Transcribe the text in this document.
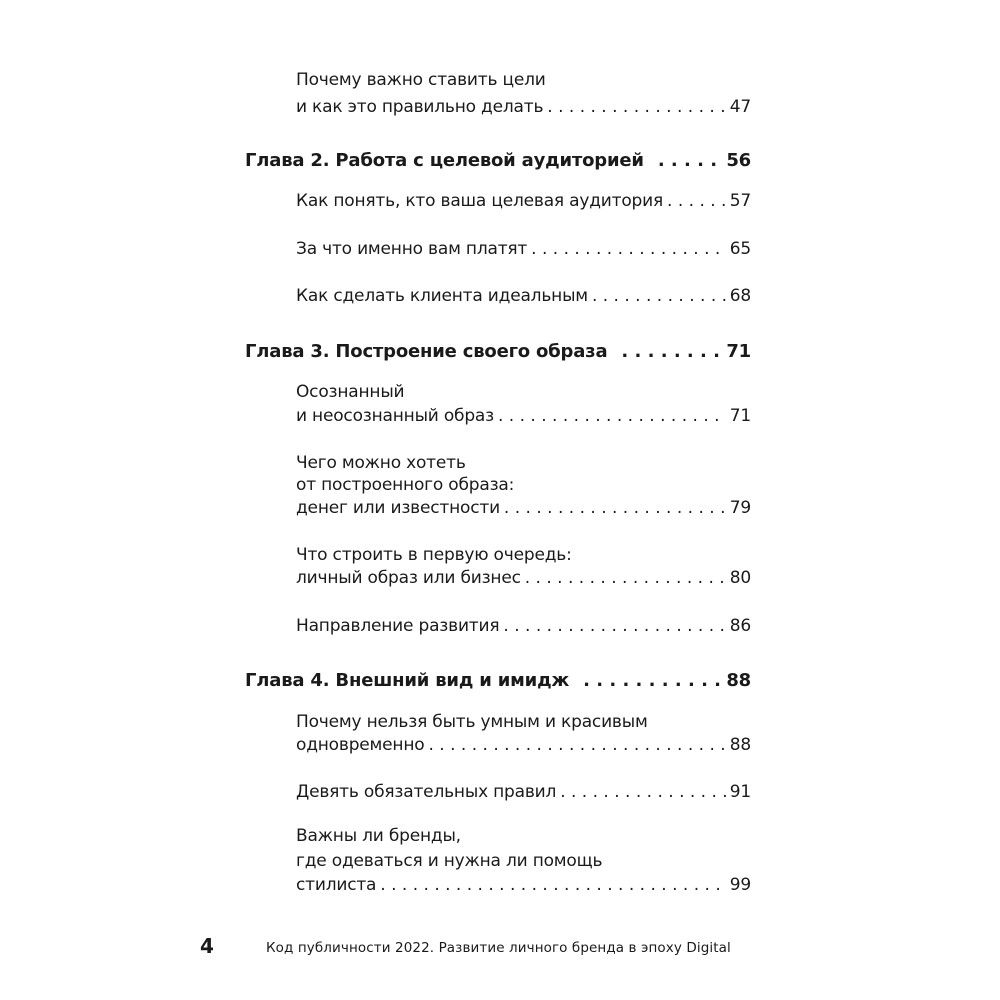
Почему важно ставить цели
и как это правильно делать . . .	47
Глава 2. Работа с целевой аудиторией . . .	56
Как понять, кто ваша целевая аудитория . . .	57
За что именно вам платят . . .	65
Как сделать клиента идеальным . . .	68
Глава 3. Построение своего образа . . .	71
Осознанный
и неосознанный образ . . .	71
Чего можно хотеть
от построенного образа:
денег или известности . . .	79
Что строить в первую очередь:
личный образ или бизнес . . .	80
Направление развития . . .	86
Глава 4. Внешний вид и имидж . . .	88
Почему нельзя быть умным и красивым
одновременно . . .	88
Девять обязательных правил . . .	91
Важны ли бренды,
где одеваться и нужна ли помощь
стилиста . . .	99
4	Код публичности 2022. Развитие личного бренда в эпоху Digital
